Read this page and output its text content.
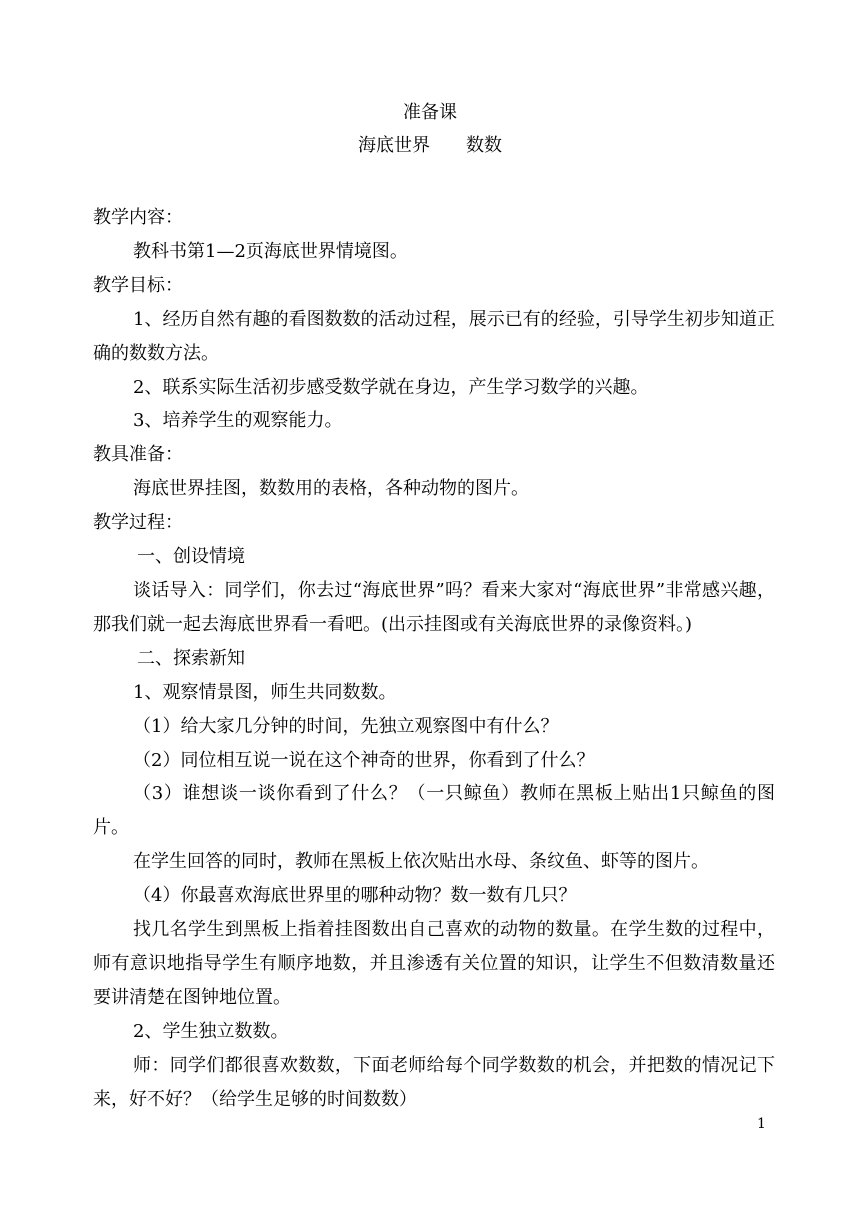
准备课
海底世界　　数数

教学内容：

教科书第1—2页海底世界情境图。

教学目标：

1、经历自然有趣的看图数数的活动过程，展示已有的经验，引导学生初步知道正确的数数方法。

2、联系实际生活初步感受数学就在身边，产生学习数学的兴趣。

3、培养学生的观察能力。

教具准备：

海底世界挂图，数数用的表格，各种动物的图片。

教学过程：

一、创设情境

谈话导入：同学们，你去过“海底世界”吗？看来大家对“海底世界”非常感兴趣，那我们就一起去海底世界看一看吧。(出示挂图或有关海底世界的录像资料。)

二、探索新知

1、观察情景图，师生共同数数。

（1）给大家几分钟的时间，先独立观察图中有什么？

（2）同位相互说一说在这个神奇的世界，你看到了什么？

（3）谁想谈一谈你看到了什么？（一只鲸鱼）教师在黑板上贴出1只鲸鱼的图片。

在学生回答的同时，教师在黑板上依次贴出水母、条纹鱼、虾等的图片。

（4）你最喜欢海底世界里的哪种动物？数一数有几只？

找几名学生到黑板上指着挂图数出自己喜欢的动物的数量。在学生数的过程中，师有意识地指导学生有顺序地数，并且渗透有关位置的知识，让学生不但数清数量还要讲清楚在图钟地位置。

2、学生独立数数。

师：同学们都很喜欢数数，下面老师给每个同学数数的机会，并把数的情况记下来，好不好？（给学生足够的时间数数）

1
